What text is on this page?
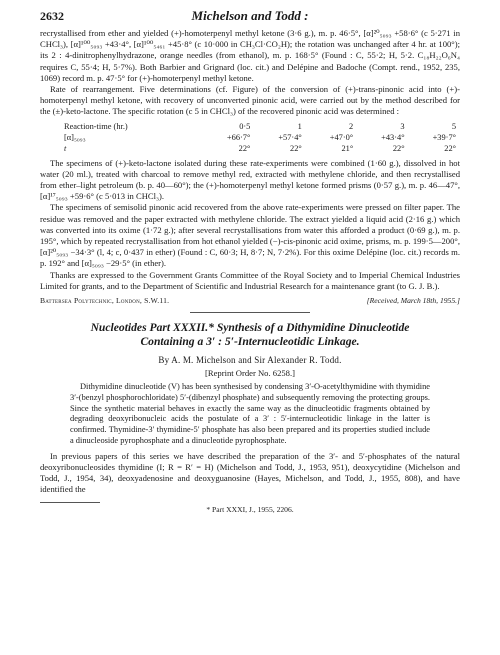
2632	Michelson and Todd :

recrystallised from ether and yielded (+)-homoterpenyl methyl ketone (3·6 g.), m. p. 46·5°, [α]²⁰₅₀₉₃ +58·6° (c 5·271 in CHCl₃), [α]¹⁰⁰₅₀₉₃ +43·4°, [α]¹⁰⁰₅₄₆₁ +45·8° (c 10·000 in CH₃Cl·CO₂H); the rotation was unchanged after 4 hr. at 100°); its 2 : 4-dinitrophenylhydrazone, orange needles (from ethanol), m. p. 168·5° (Found : C, 55·2; H, 5·2. C₁₈H₂₂O₆N₄ requires C, 55·4; H, 5·7%). Both Barbier and Grignard (loc. cit.) and Delépine and Badoche (Compt. rend., 1952, 235, 1069) record m. p. 47·5° for (+)-homoterpenyl methyl ketone.

Rate of rearrangement. Five determinations (cf. Figure) of the conversion of (+)-trans-pinonic acid into (+)-homoterpenyl methyl ketone, with recovery of unconverted pinonic acid, were carried out by the method described for the (±)-keto-lactone. The specific rotation (c 5 in CHCl₃) of the recovered pinonic acid was determined :

Reaction-time (hr.)	0·5	1	2	3	5
[α]₅₀₉₃	+66·7°	+57·4°	+47·0°	+43·4°	+39·7°
t	22°	22°	21°	22°	22°

The specimens of (+)-keto-lactone isolated during these rate-experiments were combined (1·60 g.), dissolved in hot water (20 ml.), treated with charcoal to remove methyl red, extracted with methylene chloride, and then recrystallised from ether–light petroleum (b. p. 40—60°); the (+)-homoterpenyl methyl ketone formed prisms (0·57 g.), m. p. 46—47°, [α]¹⁷₅₀₉₃ +59·6° (c 5·013 in CHCl₃).

The specimens of semisolid pinonic acid recovered from the above rate-experiments were pressed on filter paper. The residue was removed and the paper extracted with methylene chloride. The extract yielded a liquid acid (2·16 g.) which was converted into its oxime (1·72 g.); after several recrystallisations from water this afforded a product (0·69 g.), m. p. 195°, which by repeated recrystallisation from hot ethanol yielded (−)-cis-pinonic acid oxime, prisms, m. p. 199·5—200°, [α]²⁰₅₀₉₃ −34·3° (l, 4; c, 0·437 in ether) (Found : C, 60·3; H, 8·7; N, 7·2%). For this oxime Delépine (loc. cit.) records m. p. 192° and [α]₅₀₉₃ −29·5° (in ether).

Thanks are expressed to the Government Grants Committee of the Royal Society and to Imperial Chemical Industries Limited for grants, and to the Department of Scientific and Industrial Research for a maintenance grant (to G. J. B.).

Battersea Polytechnic, London, S.W.11.	[Received, March 18th, 1955.]
Nucleotides Part XXXII.* Synthesis of a Dithymidine Dinucleotide
Containing a 3′ : 5′-Internucleotidic Linkage.
By A. M. Michelson and Sir Alexander R. Todd.
[Reprint Order No. 6258.]
Dithymidine dinucleotide (V) has been synthesised by condensing 3′-O-acetylthymidine with thymidine 3′-(benzyl phosphorochloridate) 5′-(dibenzyl phosphate) and subsequently removing the protecting groups. Since the synthetic material behaves in exactly the same way as the dinucleotidic fragments obtained by degrading deoxyribonucleic acids the postulate of a 3′ : 5′-internucleotidic linkage in the latter is confirmed. Thymidine-3′ thymidine-5′ phosphate has also been prepared and its properties studied include a dinucleoside pyrophosphate and a dinucleotide pyrophosphate.

In previous papers of this series we have described the preparation of the 3′- and 5′-phosphates of the natural deoxyribonucleosides thymidine (I; R = R′ = H) (Michelson and Todd, J., 1953, 951), deoxycytidine (Michelson and Todd, J., 1954, 34), deoxyadenosine and deoxyguanosine (Hayes, Michelson, and Todd, J., 1955, 808), and have identified the

* Part XXXI, J., 1955, 2206.
